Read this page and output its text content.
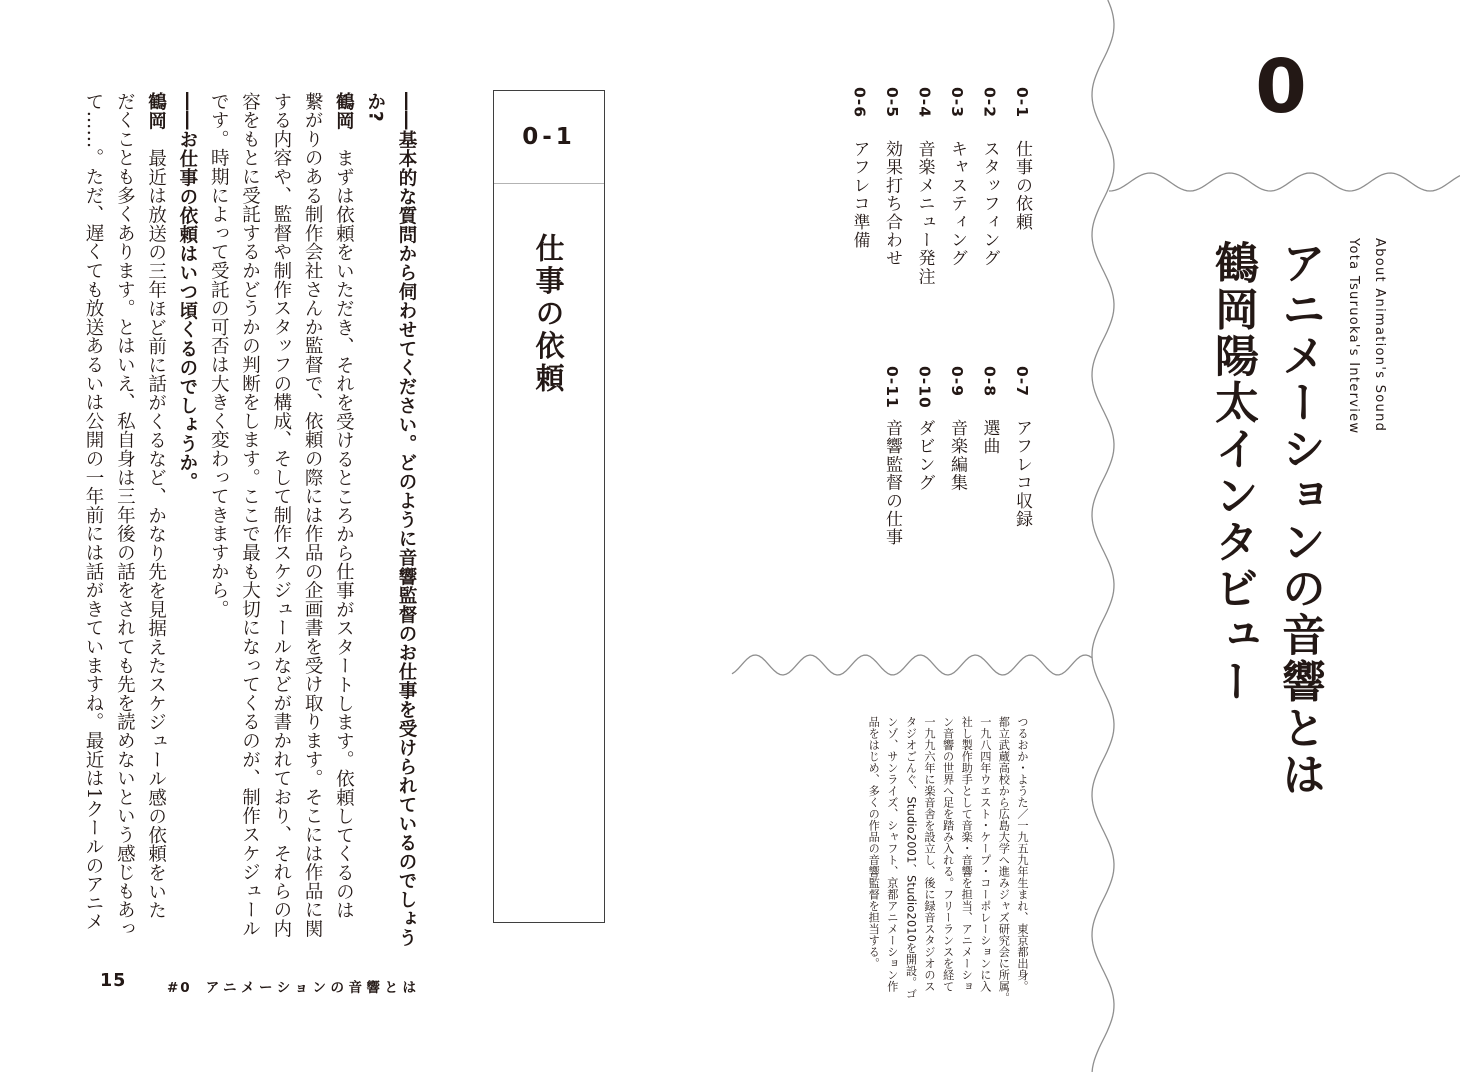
――基本的な質問から伺わせてください。どのように音響監督のお仕事を受けられているのでしょう

か?

鶴岡　まずは依頼をいただき、それを受けるところから仕事がスタートします。依頼してくるのは

繋がりのある制作会社さんか監督で、依頼の際には作品の企画書を受け取ります。そこには作品に関

する内容や、監督や制作スタッフの構成、そして制作スケジュールなどが書かれており、それらの内

容をもとに受託するかどうかの判断をします。ここで最も大切になってくるのが、制作スケジュール

です。時期によって受託の可否は大きく変わってきますから。

――お仕事の依頼はいつ頃くるのでしょうか。

鶴岡　最近は放送の三年ほど前に話がくるなど、かなり先を見据えたスケジュール感の依頼をいた

だくことも多くあります。とはいえ、私自身は三年後の話をされても先を読めないという感じもあっ

て……。ただ、遅くても放送あるいは公開の一年前には話がきていますね。最近は1クールのアニメ	0-1
仕事の依頼
15	#0 アニメーションの音響とは

0-1仕事の依頼

0-2スタッフィング

0-3キャスティング

0-4音楽メニュー発注

0-5効果打ち合わせ

0-6アフレコ準備

0-7アフレコ収録

0-8選曲

0-9音楽編集

0-10ダビング

0-11音響監督の仕事

つるおか・ようた／一九五九年生まれ、東京都出身。

都立武蔵高校から広島大学へ進みジャズ研究会に所属。

一九八四年ウエスト・ケープ・コーポレーションに入

社し製作助手として音楽・音響を担当、アニメーショ

ン音響の世界へ足を踏み入れる。フリーランスを経て

一九九六年に楽音舎を設立し、後に録音スタジオのス

タジオごんぐ、Studio2001、Studio2010を開設。ゴ

ンゾ、サンライズ、シャフト、京都アニメーション作

品をはじめ、多くの作品の音響監督を担当する。

0
アニメーションの音響とは
鶴岡陽太インタビュー	About Animation's Sound
Yota Tsuruoka's Interview
